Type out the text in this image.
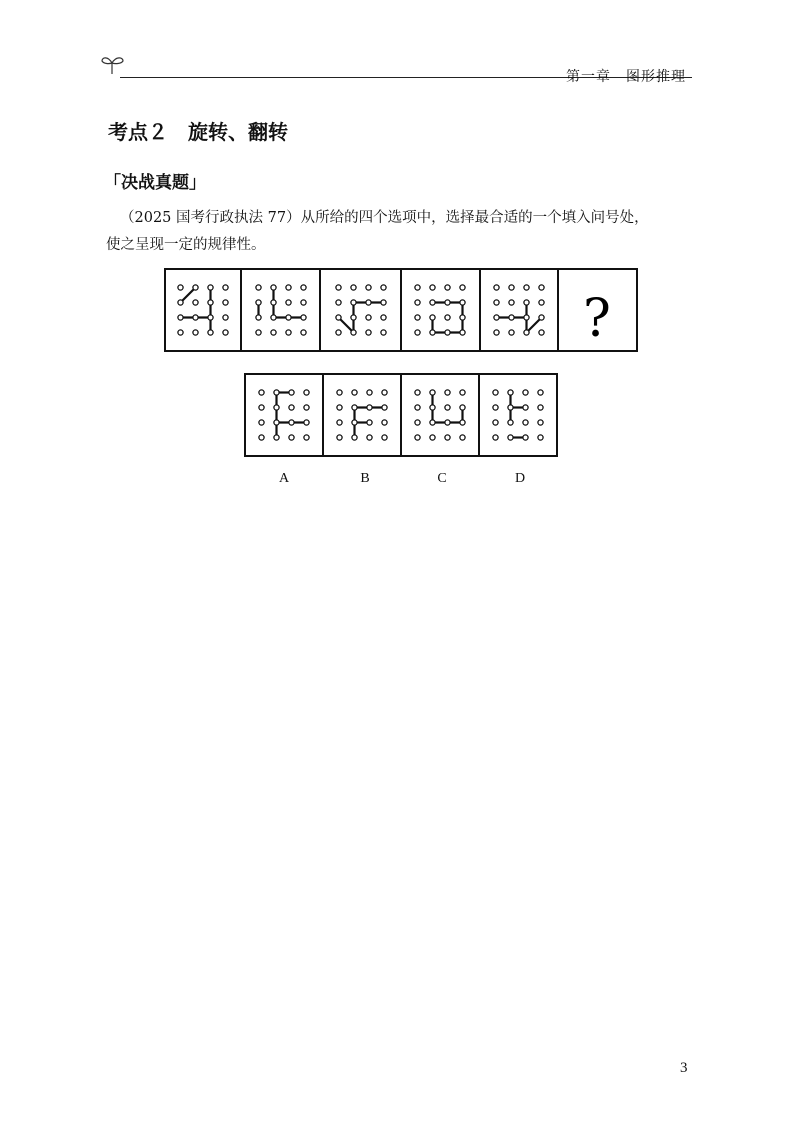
第一章　图形推理
考点２　旋转、翻转
「决战真题」

（2025 国考行政执法 77）从所给的四个选项中，选择最合适的一个填入问号处，

使之呈现一定的规律性。

?
A	B	C	D
3
